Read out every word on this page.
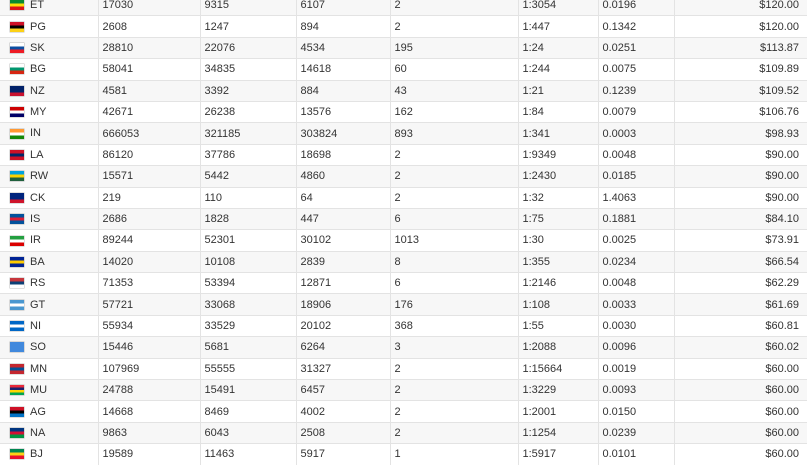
ET	17030	9315	6107	2	1:3054	0.0196	$120.00
PG	2608	1247	894	2	1:447	0.1342	$120.00
SK	28810	22076	4534	195	1:24	0.0251	$113.87
BG	58041	34835	14618	60	1:244	0.0075	$109.89
NZ	4581	3392	884	43	1:21	0.1239	$109.52
MY	42671	26238	13576	162	1:84	0.0079	$106.76
IN	666053	321185	303824	893	1:341	0.0003	$98.93
LA	86120	37786	18698	2	1:9349	0.0048	$90.00
RW	15571	5442	4860	2	1:2430	0.0185	$90.00
CK	219	110	64	2	1:32	1.4063	$90.00
IS	2686	1828	447	6	1:75	0.1881	$84.10
IR	89244	52301	30102	1013	1:30	0.0025	$73.91
BA	14020	10108	2839	8	1:355	0.0234	$66.54
RS	71353	53394	12871	6	1:2146	0.0048	$62.29
GT	57721	33068	18906	176	1:108	0.0033	$61.69
NI	55934	33529	20102	368	1:55	0.0030	$60.81
SO	15446	5681	6264	3	1:2088	0.0096	$60.02
MN	107969	55555	31327	2	1:15664	0.0019	$60.00
MU	24788	15491	6457	2	1:3229	0.0093	$60.00
AG	14668	8469	4002	2	1:2001	0.0150	$60.00
NA	9863	6043	2508	2	1:1254	0.0239	$60.00
BJ	19589	11463	5917	1	1:5917	0.0101	$60.00
